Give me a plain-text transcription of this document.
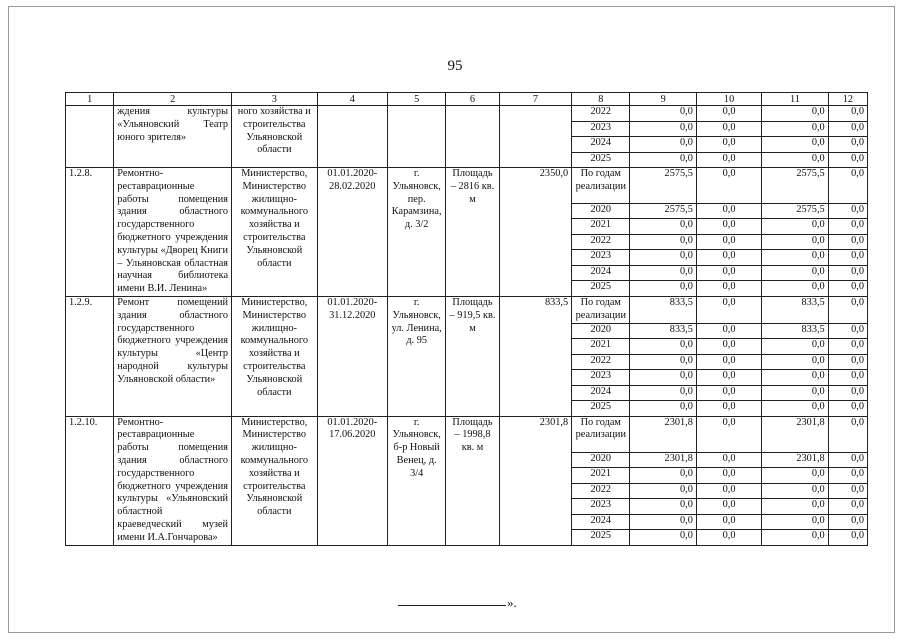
95
1	2	3	4	5	6	7	8	9	10	11	12
	ждения культуры «Ульяновский Театр юного зрителя»	ного хозяйства и строительства Ульяновской области					2022	0,0	0,0	0,0	0,0
							2023	0,0	0,0	0,0	0,0
							2024	0,0	0,0	0,0	0,0
							2025	0,0	0,0	0,0	0,0
1.2.8.	Ремонтно-реставрационные работы помещения здания областного государственного бюджетного учреждения культуры «Дворец Книги – Ульяновская областная научная библиотека имени В.И. Ленина»	Министерство, Министерство жилищно-коммунального хозяйства и строительства Ульяновской области	01.01.2020-28.02.2020	г. Ульяновск, пер. Карамзина, д. 3/2	Площадь – 2816 кв. м	2350,0	По годам реализации	2575,5	0,0	2575,5	0,0
							2020	2575,5	0,0	2575,5	0,0
							2021	0,0	0,0	0,0	0,0
							2022	0,0	0,0	0,0	0,0
							2023	0,0	0,0	0,0	0,0
							2024	0,0	0,0	0,0	0,0
							2025	0,0	0,0	0,0	0,0
1.2.9.	Ремонт помещений здания областного государственного бюджетного учреждения культуры «Центр народной культуры Ульяновской области»	Министерство, Министерство жилищно-коммунального хозяйства и строительства Ульяновской области	01.01.2020-31.12.2020	г. Ульяновск, ул. Ленина, д. 95	Площадь – 919,5 кв. м	833,5	По годам реализации	833,5	0,0	833,5	0,0
							2020	833,5	0,0	833,5	0,0
							2021	0,0	0,0	0,0	0,0
							2022	0,0	0,0	0,0	0,0
							2023	0,0	0,0	0,0	0,0
							2024	0,0	0,0	0,0	0,0
							2025	0,0	0,0	0,0	0,0
1.2.10.	Ремонтно-реставрационные работы помещения здания областного государственного бюджетного учреждения культуры «Ульяновский областной краеведческий музей имени И.А.Гончарова»	Министерство, Министерство жилищно-коммунального хозяйства и строительства Ульяновской области	01.01.2020-17.06.2020	г. Ульяновск, б-р Новый Венец, д. 3/4	Площадь – 1998,8 кв. м	2301,8	По годам реализации	2301,8	0,0	2301,8	0,0
							2020	2301,8	0,0	2301,8	0,0
							2021	0,0	0,0	0,0	0,0
							2022	0,0	0,0	0,0	0,0
							2023	0,0	0,0	0,0	0,0
							2024	0,0	0,0	0,0	0,0
							2025	0,0	0,0	0,0	0,0
».
